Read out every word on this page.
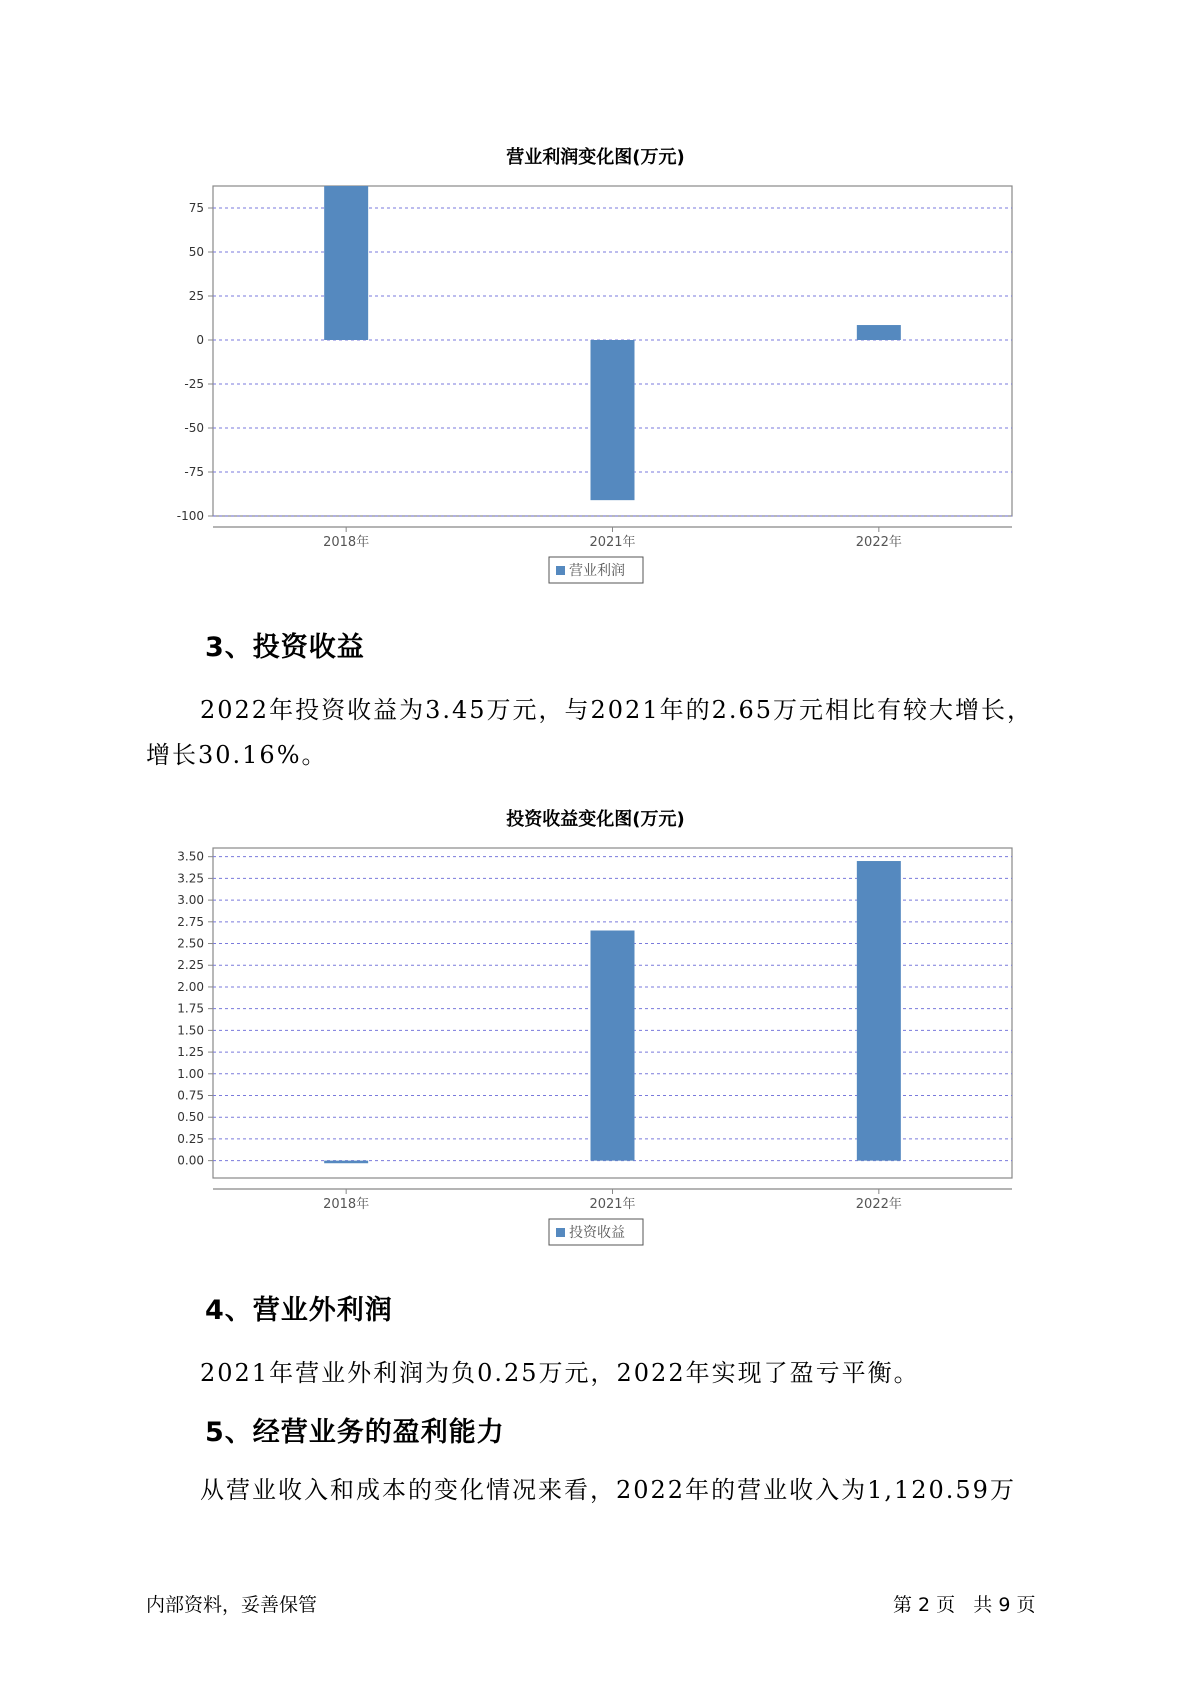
营业利润变化图(万元)
75
50
25
0
-25
-50
-75
-100
2018年	2021年	2022年
营业利润
3、投资收益
2022年投资收益为3.45万元，与2021年的2.65万元相比有较大增长，
增长30.16%。
投资收益变化图(万元)
3.50
3.25
3.00
2.75
2.50
2.25
2.00
1.75
1.50
1.25
1.00
0.75
0.50
0.25
0.00
2018年	2021年	2022年
投资收益
4、营业外利润
2021年营业外利润为负0.25万元，2022年实现了盈亏平衡。
5、经营业务的盈利能力
从营业收入和成本的变化情况来看，2022年的营业收入为1,120.59万
内部资料，妥善保管	第 2 页   共 9 页
